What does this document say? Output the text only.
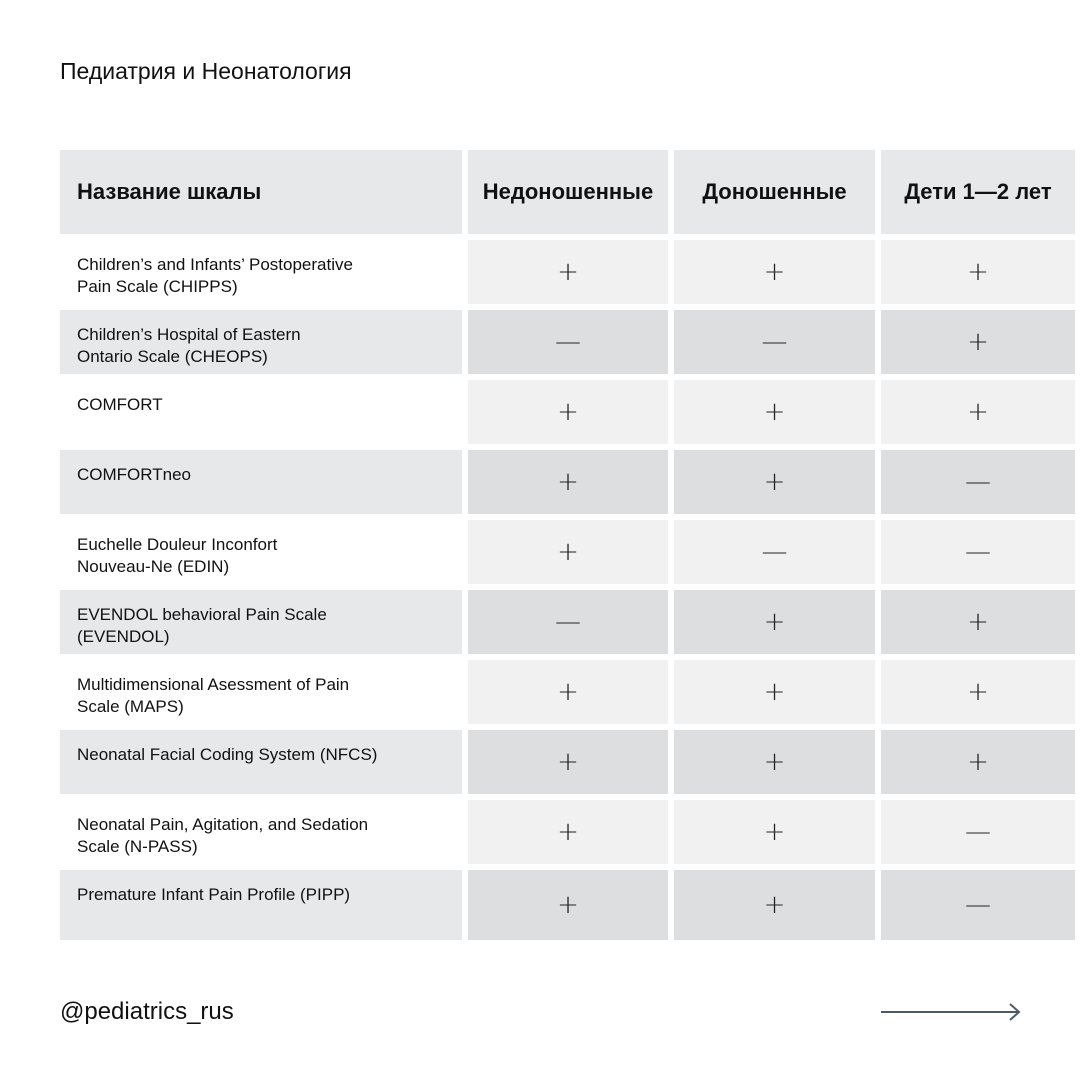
Педиатрия и Неонатология
Название шкалы	Недоношенные	Доношенные	Дети 1—2 лет
Children’s and Infants’ Postoperative
Pain Scale (CHIPPS)	+	+	+
Children’s Hospital of Eastern
Ontario Scale (CHEOPS)	—	—	+
COMFORT	+	+	+
COMFORTneo	+	+	—
Euchelle Douleur Inconfort
Nouveau-Ne (EDIN)	+	—	—
EVENDOL behavioral Pain Scale
(EVENDOL)	—	+	+
Multidimensional Asessment of Pain
Scale (MAPS)	+	+	+
Neonatal Facial Coding System (NFCS)	+	+	+
Neonatal Pain, Agitation, and Sedation
Scale (N-PASS)	+	+	—
Premature Infant Pain Profile (PIPP)	+	+	—
@pediatrics_rus
